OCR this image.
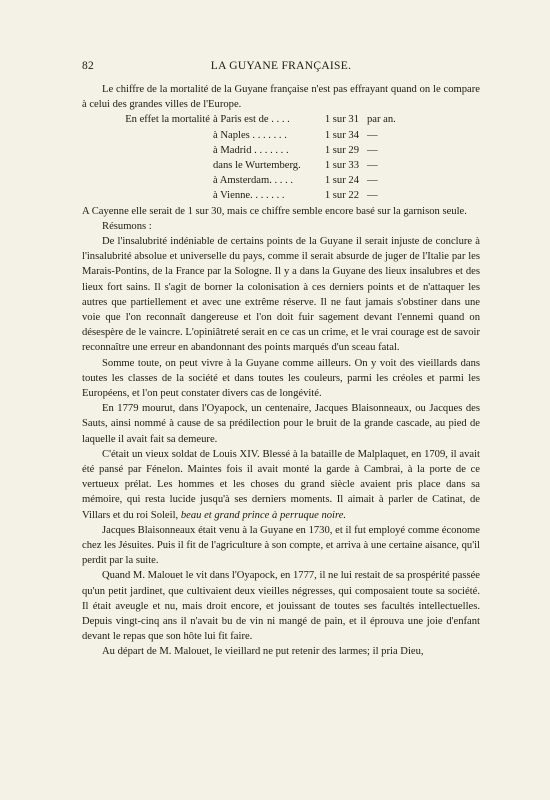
82	LA GUYANE FRANÇAISE.

Le chiffre de la mortalité de la Guyane française n'est pas effrayant quand on le compare à celui des grandes villes de l'Europe.

En effet la mortalité à Paris est de . . . .	1 sur 31 par an.
à Naples . . . . . . .	1 sur 34 —
à Madrid . . . . . . .	1 sur 29 —
dans le Wurtemberg.	1 sur 33 —
à Amsterdam. . . . .	1 sur 24 —
à Vienne. . . . . . .	1 sur 22 —

A Cayenne elle serait de 1 sur 30, mais ce chiffre semble encore basé sur la garnison seule.

Résumons :

De l'insalubrité indéniable de certains points de la Guyane il serait injuste de conclure à l'insalubrité absolue et universelle du pays, comme il serait absurde de juger de l'Italie par les Marais-Pontins, de la France par la Sologne. Il y a dans la Guyane des lieux insalubres et des lieux fort sains. Il s'agit de borner la colonisation à ces derniers points et de n'attaquer les autres que partiellement et avec une extrême réserve. Il ne faut jamais s'obstiner dans une voie que l'on reconnaît dangereuse et l'on doit fuir sagement devant l'ennemi quand on désespère de le vaincre. L'opiniâtreté serait en ce cas un crime, et le vrai courage est de savoir reconnaître une erreur en abandonnant des points marqués d'un sceau fatal.

Somme toute, on peut vivre à la Guyane comme ailleurs. On y voit des vieillards dans toutes les classes de la société et dans toutes les couleurs, parmi les créoles et parmi les Européens, et l'on peut constater divers cas de longévité.

En 1779 mourut, dans l'Oyapock, un centenaire, Jacques Blaisonneaux, ou Jacques des Sauts, ainsi nommé à cause de sa prédilection pour le bruit de la grande cascade, au pied de laquelle il avait fait sa demeure.

C'était un vieux soldat de Louis XIV. Blessé à la bataille de Malplaquet, en 1709, il avait été pansé par Fénelon. Maintes fois il avait monté la garde à Cambrai, à la porte de ce vertueux prélat. Les hommes et les choses du grand siècle avaient pris place dans sa mémoire, qui resta lucide jusqu'à ses derniers moments. Il aimait à parler de Catinat, de Villars et du roi Soleil, beau et grand prince à perruque noire.

Jacques Blaisonneaux était venu à la Guyane en 1730, et il fut employé comme économe chez les Jésuites. Puis il fit de l'agriculture à son compte, et arriva à une certaine aisance, qu'il perdit par la suite.

Quand M. Malouet le vit dans l'Oyapock, en 1777, il ne lui restait de sa prospérité passée qu'un petit jardinet, que cultivaient deux vieilles négresses, qui composaient toute sa société. Il était aveugle et nu, mais droit encore, et jouissant de toutes ses facultés intellectuelles. Depuis vingt-cinq ans il n'avait bu de vin ni mangé de pain, et il éprouva une joie d'enfant devant le repas que son hôte lui fit faire.

Au départ de M. Malouet, le vieillard ne put retenir des larmes; il pria Dieu,
